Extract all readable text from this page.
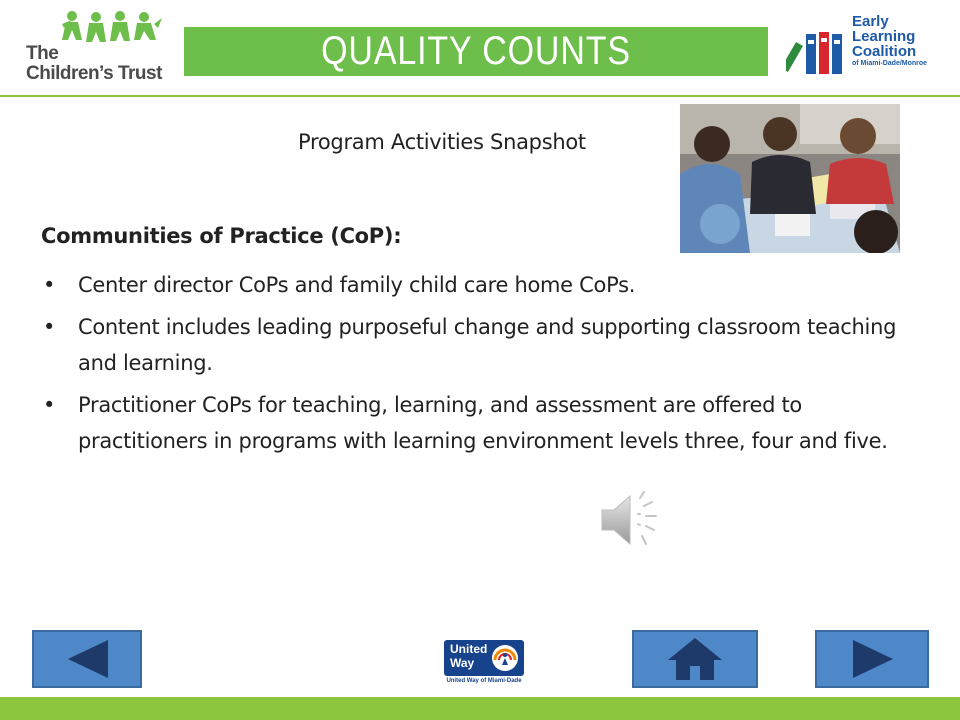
The
Children’s Trust
QUALITY COUNTS
Early
Learning
Coalition
of Miami-Dade/Monroe
Program Activities Snapshot
Communities of Practice (CoP):
• Center director CoPs and family child care home CoPs.
• Content includes leading purposeful change and supporting classroom teaching and learning.
• Practitioner CoPs for teaching, learning, and assessment are offered to practitioners in programs with learning environment levels three, four and five.
United
Way
United Way of Miami-Dade
